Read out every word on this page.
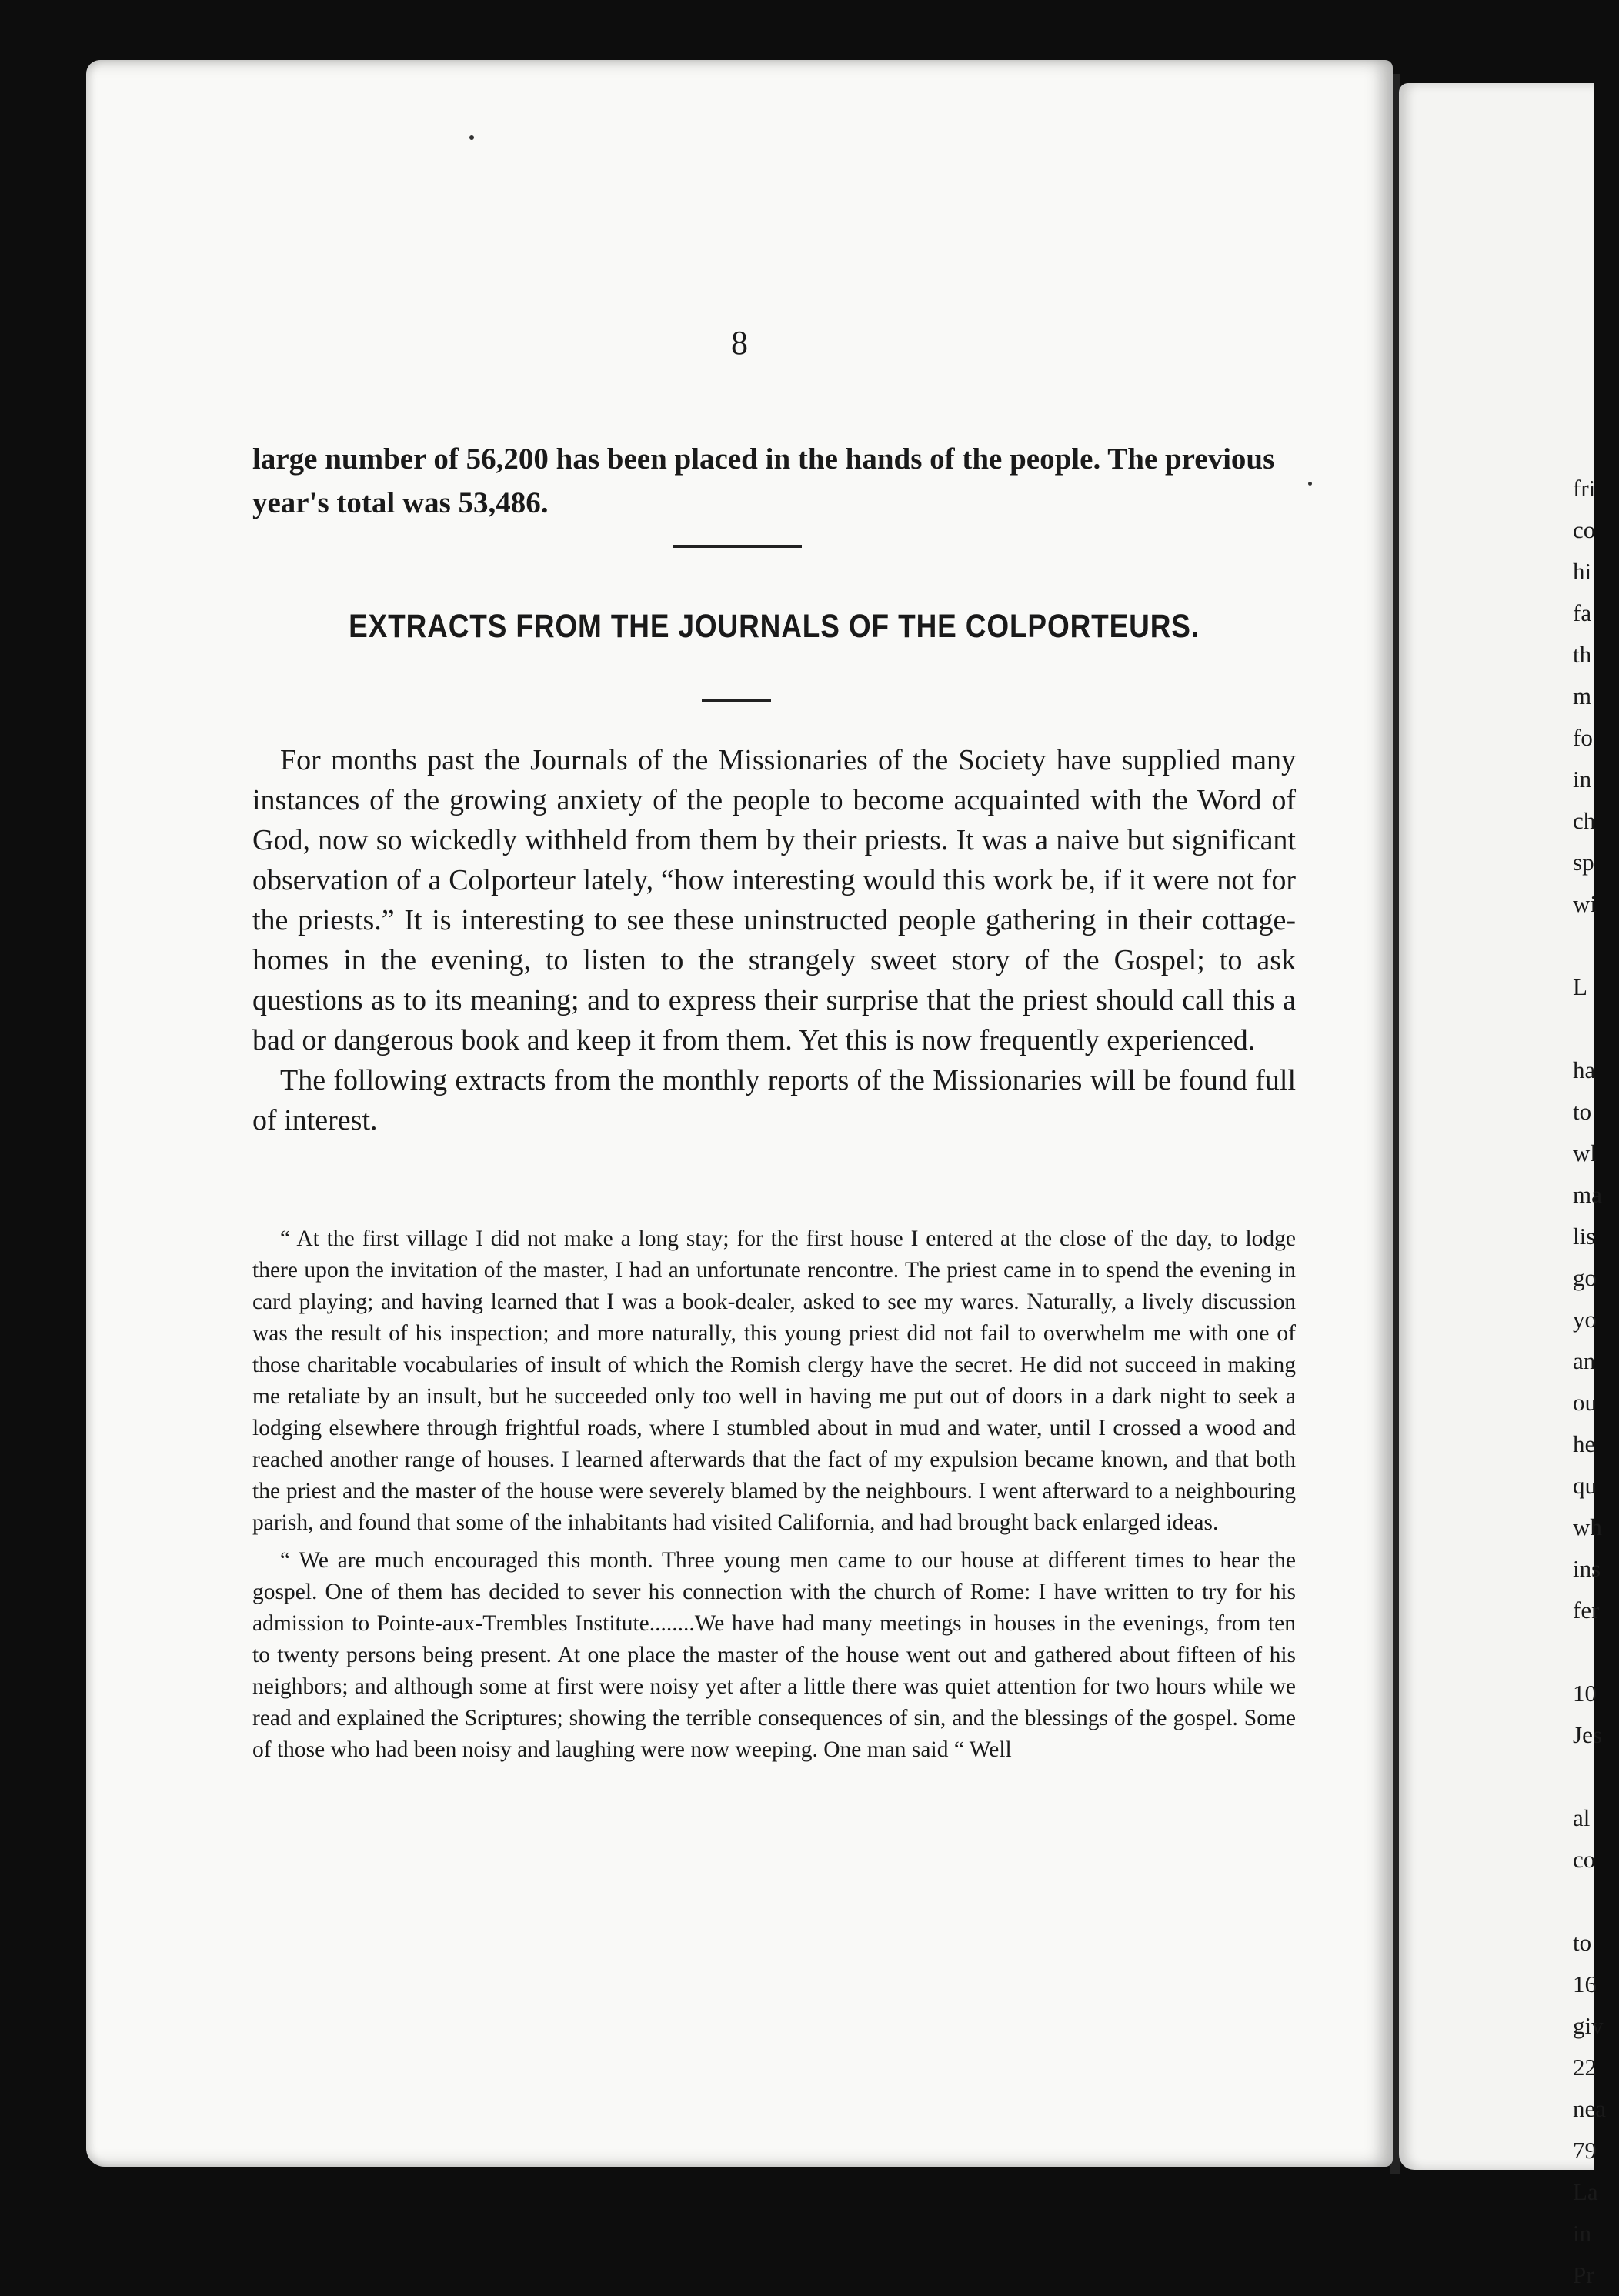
8
large number of 56,200 has been placed in the hands of the people. The previous year's total was 53,486.
EXTRACTS FROM THE JOURNALS OF THE COLPORTEURS.

For months past the Journals of the Missionaries of the Society have supplied many instances of the growing anxiety of the people to become acquainted with the Word of God, now so wickedly withheld from them by their priests. It was a naive but significant observation of a Colporteur lately, “how interesting would this work be, if it were not for the priests.” It is interesting to see these uninstructed people gathering in their cottage-homes in the evening, to listen to the strangely sweet story of the Gospel; to ask questions as to its meaning; and to express their surprise that the priest should call this a bad or dangerous book and keep it from them. Yet this is now frequently experienced.

The following extracts from the monthly reports of the Missionaries will be found full of interest.

“ At the first village I did not make a long stay; for the first house I entered at the close of the day, to lodge there upon the invitation of the master, I had an unfortunate rencontre. The priest came in to spend the evening in card playing; and having learned that I was a book-dealer, asked to see my wares. Naturally, a lively discussion was the result of his inspection; and more naturally, this young priest did not fail to overwhelm me with one of those charitable vocabularies of insult of which the Romish clergy have the secret. He did not succeed in making me retaliate by an insult, but he succeeded only too well in having me put out of doors in a dark night to seek a lodging elsewhere through frightful roads, where I stumbled about in mud and water, until I crossed a wood and reached another range of houses. I learned afterwards that the fact of my expulsion became known, and that both the priest and the master of the house were severely blamed by the neighbours. I went afterward to a neighbouring parish, and found that some of the inhabitants had visited California, and had brought back enlarged ideas.

“ We are much encouraged this month. Three young men came to our house at different times to hear the gospel. One of them has decided to sever his connection with the church of Rome: I have written to try for his admission to Pointe-aux-Trembles Institute........We have had many meetings in houses in the evenings, from ten to twenty persons being present. At one place the master of the house went out and gathered about fifteen of his neighbors; and although some at first were noisy yet after a little there was quiet attention for two hours while we read and explained the Scriptures; showing the terrible consequences of sin, and the blessings of the gospel. Some of those who had been noisy and laughing were now weeping. One man said “ Well

fri
co
hi
fa
th
m
fo
in
ch
sp
wi

L

ha
to
wl
ma
lis
go
yo
an
ou
he
qu
wh
ins
fer

10
Jes

al
co

to
16
giv
22
nea
79
La
in
Pr
